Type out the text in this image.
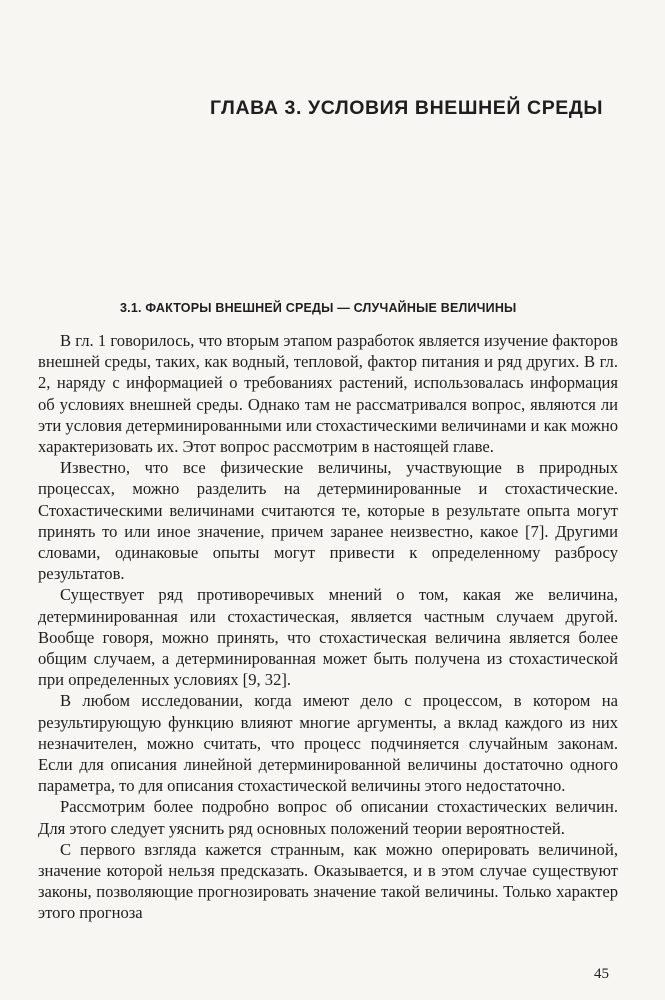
ГЛАВА 3. УСЛОВИЯ ВНЕШНЕЙ СРЕДЫ
3.1. ФАКТОРЫ ВНЕШНЕЙ СРЕДЫ — СЛУЧАЙНЫЕ ВЕЛИЧИНЫ

В гл. 1 говорилось, что вторым этапом разработок является изучение факторов внешней среды, таких, как водный, тепловой, фактор питания и ряд других. В гл. 2, наряду с информацией о требованиях растений, использовалась информация об условиях внешней среды. Однако там не рассматривался вопрос, являются ли эти условия детерминированными или стохастическими величинами и как можно характеризовать их. Этот вопрос рассмотрим в настоящей главе.

Известно, что все физические величины, участвующие в природных процессах, можно разделить на детерминированные и стохастические. Стохастическими величинами считаются те, которые в результате опыта могут принять то или иное значение, причем заранее неизвестно, какое [7]. Другими словами, одинаковые опыты могут привести к определенному разбросу результатов.

Существует ряд противоречивых мнений о том, какая же величина, детерминированная или стохастическая, является частным случаем другой. Вообще говоря, можно принять, что стохастическая величина является более общим случаем, а детерминированная может быть получена из стохастической при определенных условиях [9, 32].

В любом исследовании, когда имеют дело с процессом, в котором на результирующую функцию влияют многие аргументы, а вклад каждого из них незначителен, можно считать, что процесс подчиняется случайным законам. Если для описания линейной детерминированной величины достаточно одного параметра, то для описания стохастической величины этого недостаточно.

Рассмотрим более подробно вопрос об описании стохастических величин. Для этого следует уяснить ряд основных положений теории вероятностей.

С первого взгляда кажется странным, как можно оперировать величиной, значение которой нельзя предсказать. Оказывается, и в этом случае существуют законы, позволяющие прогнозировать значение такой величины. Только характер этого прогноза

45
